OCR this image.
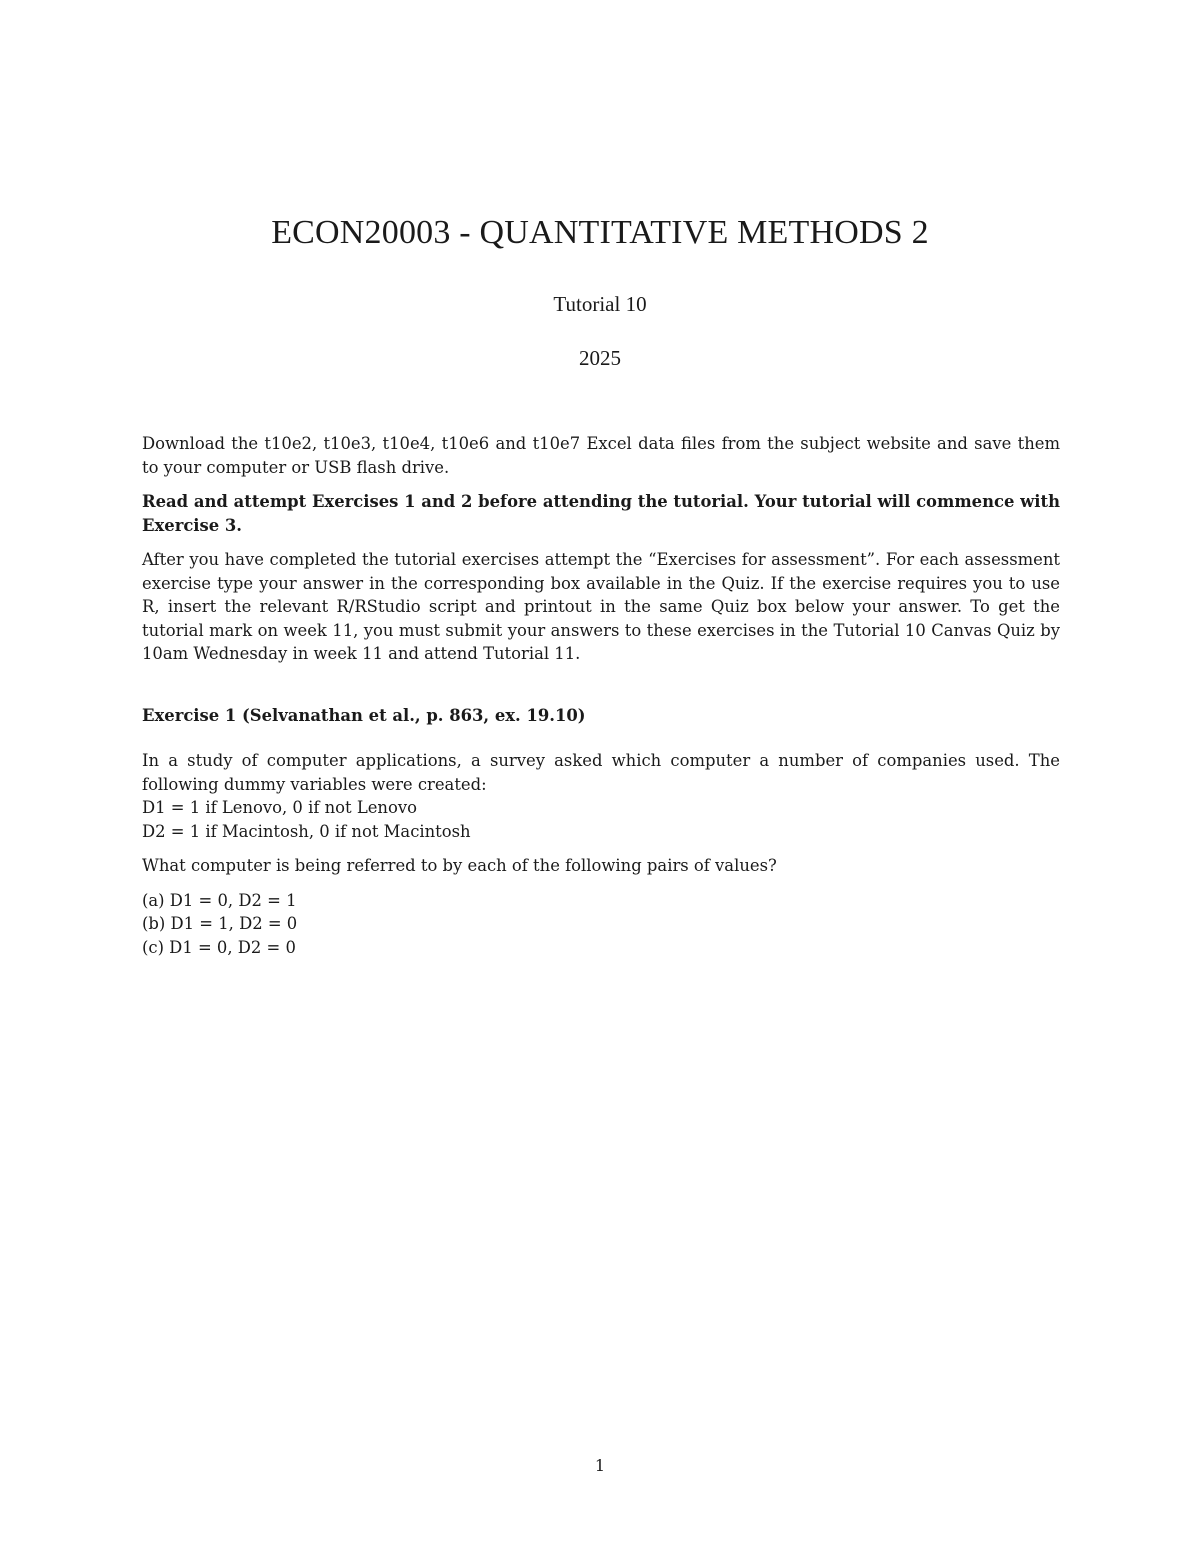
ECON20003 - QUANTITATIVE METHODS 2
Tutorial 10
2025

Download the t10e2, t10e3, t10e4, t10e6 and t10e7 Excel data files from the subject website and save them to your computer or USB flash drive.

Read and attempt Exercises 1 and 2 before attending the tutorial. Your tutorial will commence with Exercise 3.

After you have completed the tutorial exercises attempt the “Exercises for assessment”. For each assessment exercise type your answer in the corresponding box available in the Quiz. If the exercise requires you to use R, insert the relevant R/RStudio script and printout in the same Quiz box below your answer. To get the tutorial mark on week 11, you must submit your answers to these exercises in the Tutorial 10 Canvas Quiz by 10am Wednesday in week 11 and attend Tutorial 11.

Exercise 1 (Selvanathan et al., p. 863, ex. 19.10)

In a study of computer applications, a survey asked which computer a number of companies used. The following dummy variables were created:
D1 = 1 if Lenovo, 0 if not Lenovo
D2 = 1 if Macintosh, 0 if not Macintosh

What computer is being referred to by each of the following pairs of values?

(a) D1 = 0, D2 = 1
(b) D1 = 1, D2 = 0
(c) D1 = 0, D2 = 0

1
